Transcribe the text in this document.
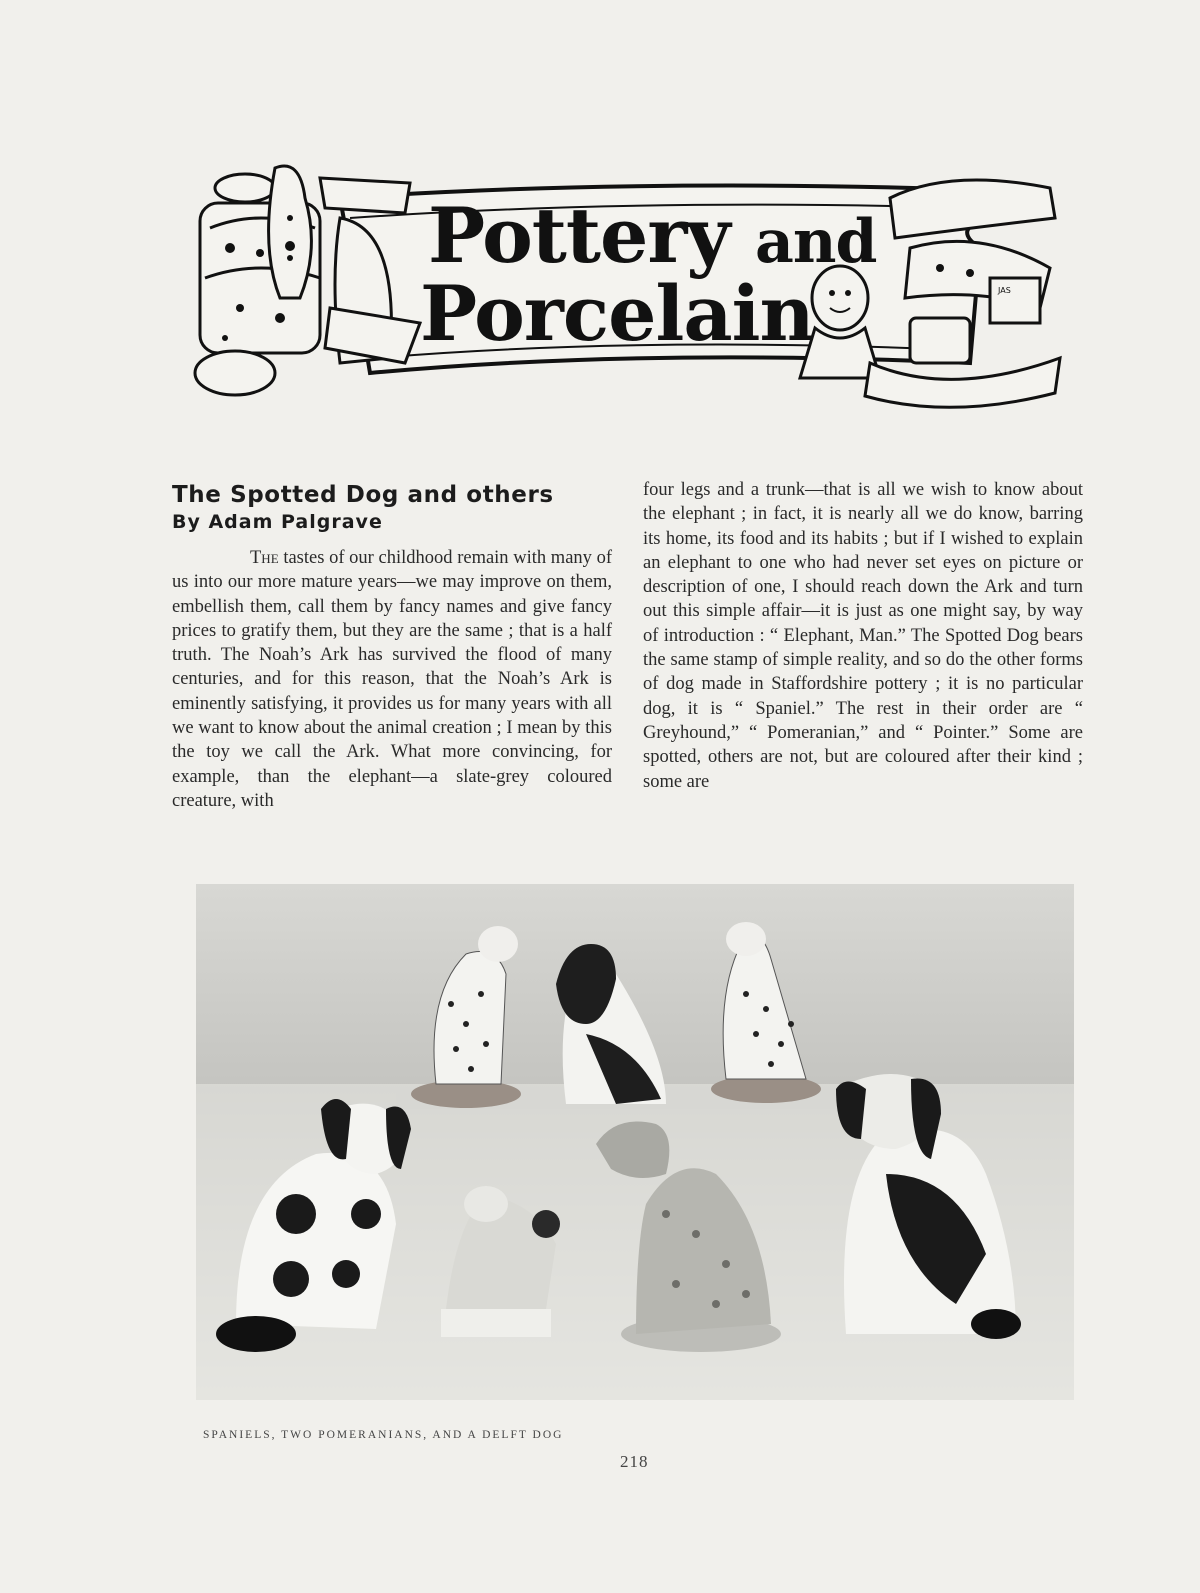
JAS
Pottery and
Porcelain
The Spotted Dog and others
By Adam Palgrave

The tastes of our childhood remain with many of us into our more mature years—we may improve on them, embellish them, call them by fancy names and give fancy prices to gratify them, but they are the same ; that is a half truth. The Noah’s Ark has survived the flood of many centuries, and for this reason, that the Noah’s Ark is eminently satisfying, it provides us for many years with all we want to know about the animal creation ; I mean by this the toy we call the Ark. What more convincing, for example, than the elephant—a slate-grey coloured creature, with

four legs and a trunk—that is all we wish to know about the elephant ; in fact, it is nearly all we do know, barring its home, its food and its habits ; but if I wished to explain an elephant to one who had never set eyes on picture or description of one, I should reach down the Ark and turn out this simple affair—it is just as one might say, by way of introduction : “ Elephant, Man.” The Spotted Dog bears the same stamp of simple reality, and so do the other forms of dog made in Staffordshire pottery ; it is no particular dog, it is “ Spaniel.” The rest in their order are “ Greyhound,” “ Pomeranian,” and “ Pointer.” Some are spotted, others are not, but are coloured after their kind ; some are

SPANIELS, TWO POMERANIANS, AND A DELFT DOG
218
